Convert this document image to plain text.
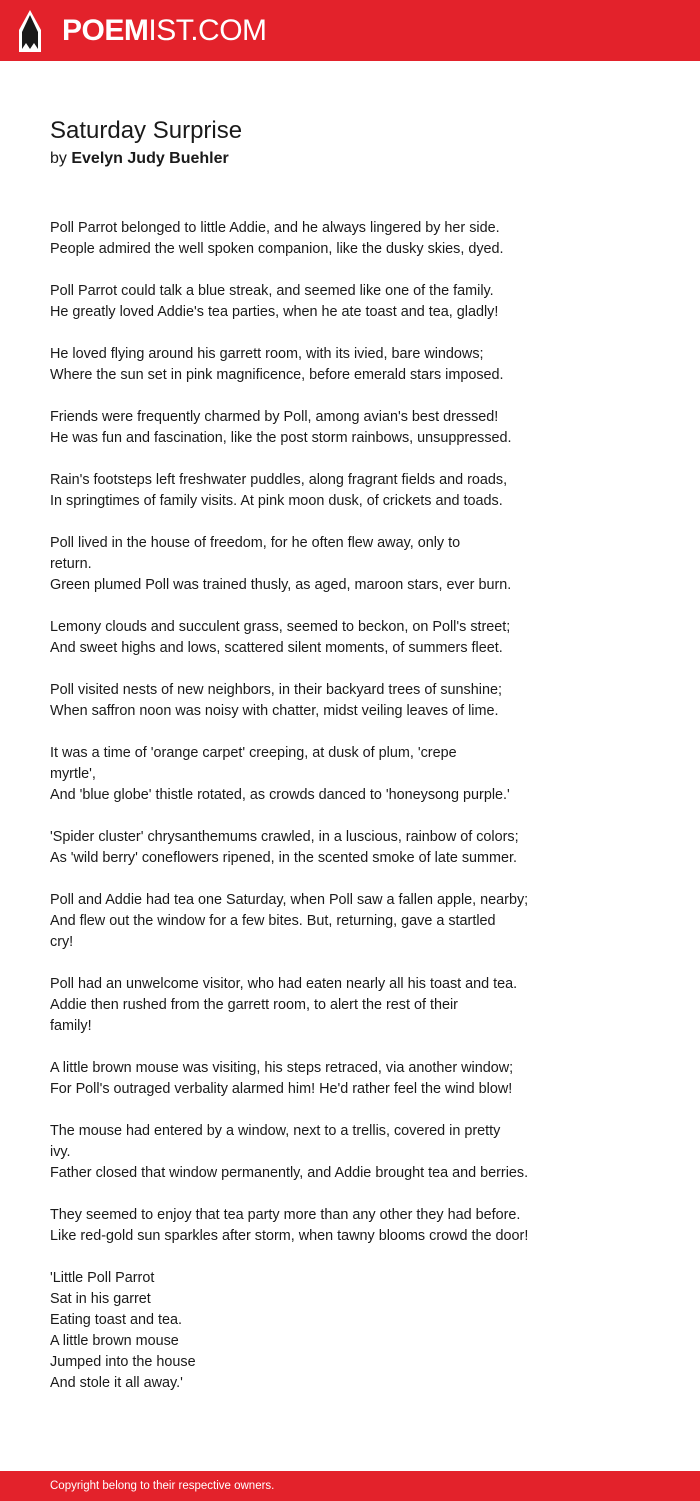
POEMIST.COM
Saturday Surprise
by Evelyn Judy Buehler

Poll Parrot belonged to little Addie, and he always lingered by her side.
People admired the well spoken companion, like the dusky skies, dyed.

Poll Parrot could talk a blue streak, and seemed like one of the family.
He greatly loved Addie's tea parties, when he ate toast and tea, gladly!

He loved flying around his garrett room, with its ivied, bare windows;
Where the sun set in pink magnificence, before emerald stars imposed.

Friends were frequently charmed by Poll, among avian's best dressed!
He was fun and fascination, like the post storm rainbows, unsuppressed.

Rain's footsteps left freshwater puddles, along fragrant fields and roads,
In springtimes of family visits. At pink moon dusk, of crickets and toads.

Poll lived in the house of freedom, for he often flew away, only to
return.
Green plumed Poll was trained thusly, as aged, maroon stars, ever burn.

Lemony clouds and succulent grass, seemed to beckon, on Poll's street;
And sweet highs and lows, scattered silent moments, of summers fleet.

Poll visited nests of new neighbors, in their backyard trees of sunshine;
When saffron noon was noisy with chatter, midst veiling leaves of lime.

It was a time of 'orange carpet' creeping, at dusk of plum, 'crepe
myrtle',
And 'blue globe' thistle rotated, as crowds danced to 'honeysong purple.'

'Spider cluster' chrysanthemums crawled, in a luscious, rainbow of colors;
As 'wild berry' coneflowers ripened, in the scented smoke of late summer.

Poll and Addie had tea one Saturday, when Poll saw a fallen apple, nearby;
And flew out the window for a few bites. But, returning, gave a startled
cry!

Poll had an unwelcome visitor, who had eaten nearly all his toast and tea.
Addie then rushed from the garrett room, to alert the rest of their
family!

A little brown mouse was visiting, his steps retraced, via another window;
For Poll's outraged verbality alarmed him! He'd rather feel the wind blow!

The mouse had entered by a window, next to a trellis, covered in pretty
ivy.
Father closed that window permanently, and Addie brought tea and berries.

They seemed to enjoy that tea party more than any other they had before.
Like red-gold sun sparkles after storm, when tawny blooms crowd the door!

'Little Poll Parrot
Sat in his garret
Eating toast and tea.
A little brown mouse
Jumped into the house
And stole it all away.'

Copyright belong to their respective owners.
